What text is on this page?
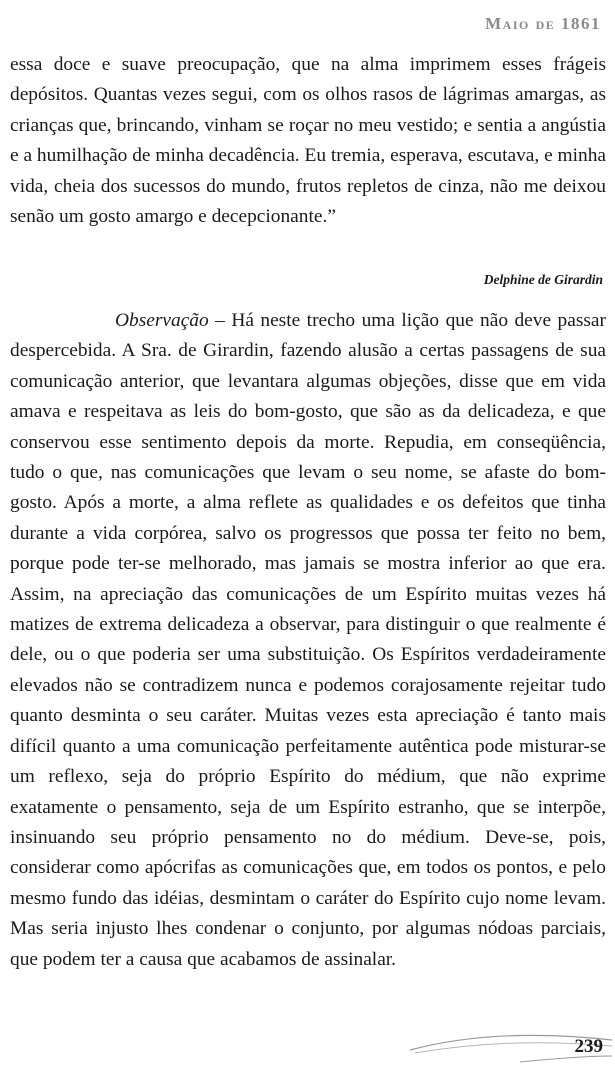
Maio de 1861

essa doce e suave preocupação, que na alma imprimem esses frágeis depósitos. Quantas vezes segui, com os olhos rasos de lágrimas amargas, as crianças que, brincando, vinham se roçar no meu vestido; e sentia a angústia e a humilhação de minha decadência. Eu tremia, esperava, escutava, e minha vida, cheia dos sucessos do mundo, frutos repletos de cinza, não me deixou senão um gosto amargo e decepcionante.”

Delphine de Girardin

Observação – Há neste trecho uma lição que não deve passar despercebida. A Sra. de Girardin, fazendo alusão a certas passagens de sua comunicação anterior, que levantara algumas objeções, disse que em vida amava e respeitava as leis do bom-gosto, que são as da delicadeza, e que conservou esse sentimento depois da morte. Repudia, em conseqüência, tudo o que, nas comunicações que levam o seu nome, se afaste do bom-gosto. Após a morte, a alma reflete as qualidades e os defeitos que tinha durante a vida corpórea, salvo os progressos que possa ter feito no bem, porque pode ter-se melhorado, mas jamais se mostra inferior ao que era. Assim, na apreciação das comunicações de um Espírito muitas vezes há matizes de extrema delicadeza a observar, para distinguir o que realmente é dele, ou o que poderia ser uma substituição. Os Espíritos verdadeiramente elevados não se contradizem nunca e podemos corajosamente rejeitar tudo quanto desminta o seu caráter. Muitas vezes esta apreciação é tanto mais difícil quanto a uma comunicação perfeitamente autêntica pode misturar-se um reflexo, seja do próprio Espírito do médium, que não exprime exatamente o pensamento, seja de um Espírito estranho, que se interpõe, insinuando seu próprio pensamento no do médium. Deve-se, pois, considerar como apócrifas as comunicações que, em todos os pontos, e pelo mesmo fundo das idéias, desmintam o caráter do Espírito cujo nome levam. Mas seria injusto lhes condenar o conjunto, por algumas nódoas parciais, que podem ter a causa que acabamos de assinalar.

239
